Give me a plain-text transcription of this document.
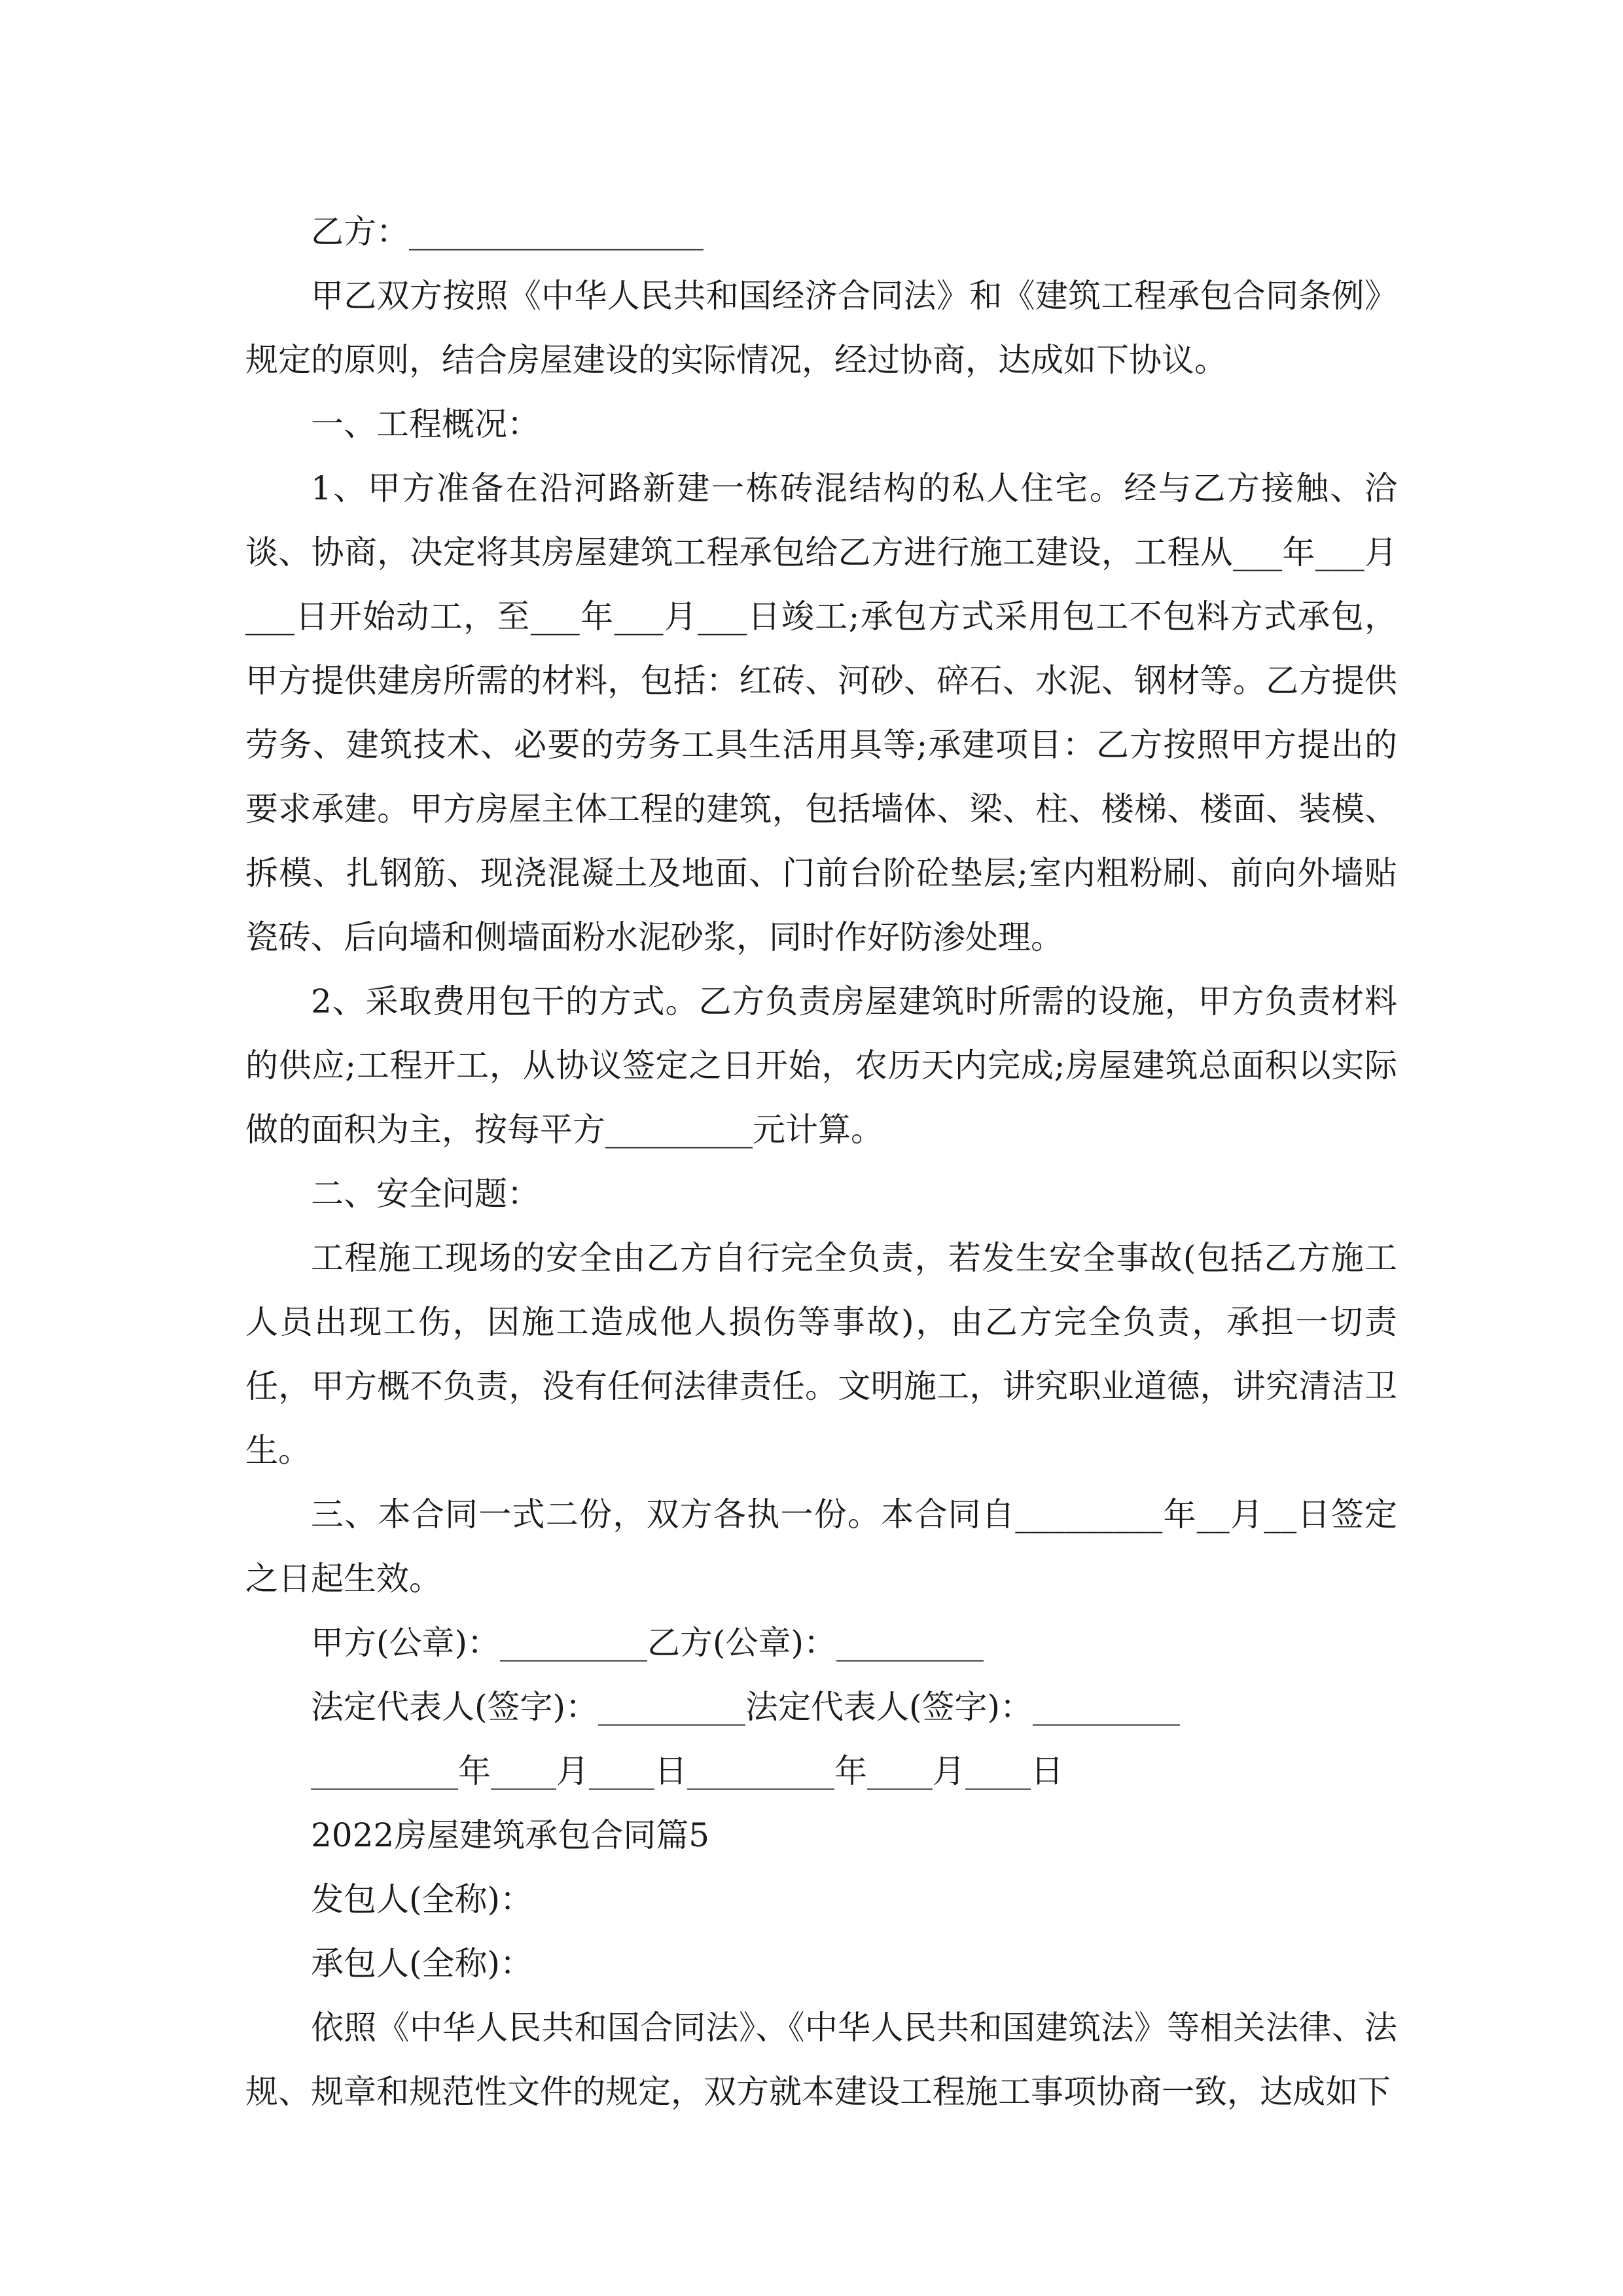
乙方：__________________

甲乙双方按照《中华人民共和国经济合同法》和《建筑工程承包合同条例》规定的原则，结合房屋建设的实际情况，经过协商，达成如下协议。

一、工程概况：

1、甲方准备在沿河路新建一栋砖混结构的私人住宅。经与乙方接触、洽谈、协商，决定将其房屋建筑工程承包给乙方进行施工建设，工程从___年___月___日开始动工，至___年___月___日竣工;承包方式采用包工不包料方式承包，甲方提供建房所需的材料，包括：红砖、河砂、碎石、水泥、钢材等。乙方提供劳务、建筑技术、必要的劳务工具生活用具等;承建项目：乙方按照甲方提出的要求承建。甲方房屋主体工程的建筑，包括墙体、梁、柱、楼梯、楼面、装模、拆模、扎钢筋、现浇混凝土及地面、门前台阶砼垫层;室内粗粉刷、前向外墙贴瓷砖、后向墙和侧墙面粉水泥砂浆，同时作好防渗处理。

2、采取费用包干的方式。乙方负责房屋建筑时所需的设施，甲方负责材料的供应;工程开工，从协议签定之日开始，农历天内完成;房屋建筑总面积以实际做的面积为主，按每平方_________元计算。

二、安全问题：

工程施工现场的安全由乙方自行完全负责，若发生安全事故(包括乙方施工人员出现工伤，因施工造成他人损伤等事故)，由乙方完全负责，承担一切责任，甲方概不负责，没有任何法律责任。文明施工，讲究职业道德，讲究清洁卫生。

三、本合同一式二份，双方各执一份。本合同自_________年__月__日签定之日起生效。

甲方(公章)：_________乙方(公章)：_________

法定代表人(签字)：_________法定代表人(签字)：_________

_________年____月____日_________年____月____日

2022房屋建筑承包合同篇5

发包人(全称)：

承包人(全称)：

依照《中华人民共和国合同法》、《中华人民共和国建筑法》等相关法律、法规、规章和规范性文件的规定，双方就本建设工程施工事项协商一致，达成如下
